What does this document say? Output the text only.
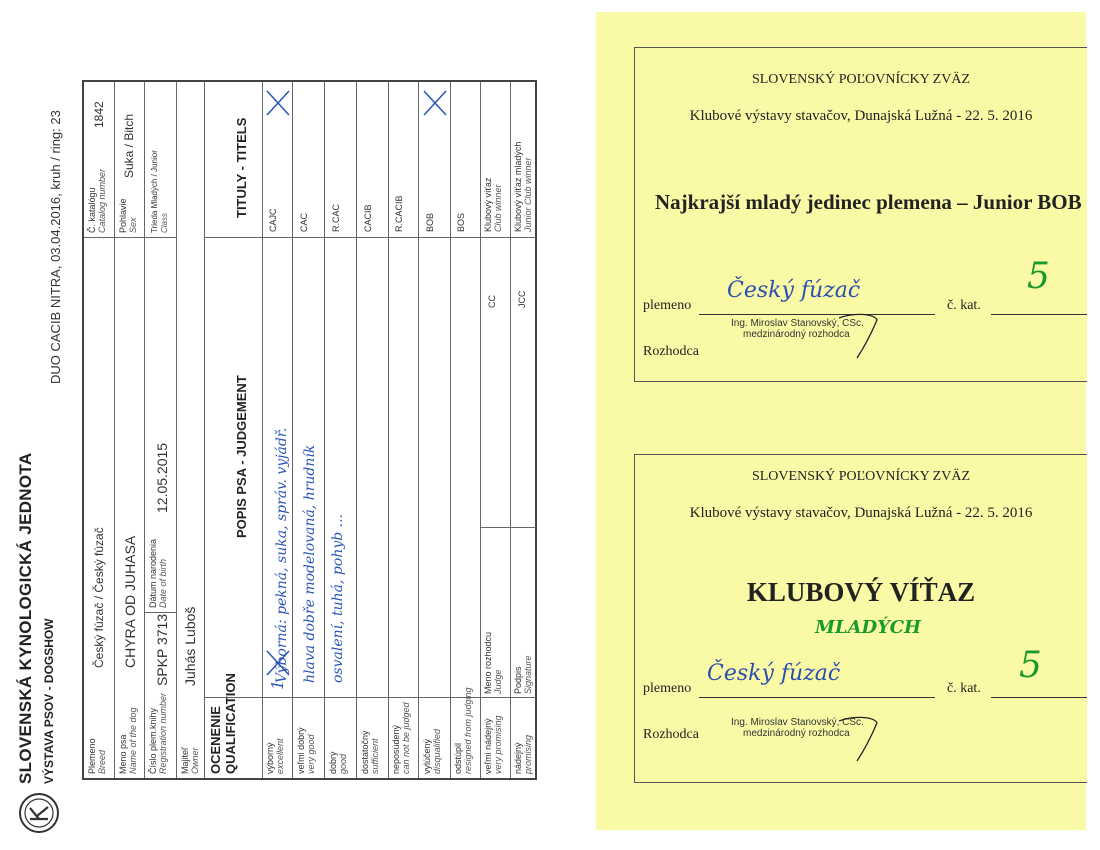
SLOVENSKÁ KYNOLOGICKÁ JEDNOTA VÝSTAVA PSOV - DOGSHOW
DUO CACIB NITRA, 03.04.2016, kruh / ring: 23
Plemeno Breed
Český fúzač / Český fúzač
Meno psa Name of the dog
CHYRA OD JUHASA
Číslo plem.knihy Registration number
SPKP 3713
Dátum narodenia Date of birth
12.05.2015
Majiteľ Owner
Juhás Luboš
Č. katalógu Catalog number
1842
Pohlavie Sex
Suka / Bitch
Trieda Mladých / Junior
Class
OCENENIE QUALIFICATION
POPIS PSA - JUDGEMENT
TITULY - TITELS
výborný excellent veľmi dobrý very good dobrý good dostatočný sufficient neposúdený can not be judged vylúčený disqualified odstúpil resigned from judging
1
veľmi nádejný very promising nádejný promising
Výborná: pekná, suka, správ. vyjádř. hlava dobře modelovaná, hrudník osvalení, tuhá, pohyb ...	Meno rozhodcu Judge Podpis Signature
CC JCC
CAJC CAC R.CAC CACIB R.CACIB BOB BOS Klubový víťaz Club winner Klubový víťaz mladých Junior Club winner
SLOVENSKÝ POĽOVNÍCKY ZVÄZ
Klubové výstavy stavačov, Dunajská Lužná - 22. 5. 2016
Najkrajší mladý jedinec plemena – Junior BOB
plemeno
Český fúzač
č. kat.
5
Rozhodca
Ing. Miroslav Stanovský, CSc.
medzinárodný rozhodca
SLOVENSKÝ POĽOVNÍCKY ZVÄZ
Klubové výstavy stavačov, Dunajská Lužná - 22. 5. 2016
KLUBOVÝ VÍŤAZ
MLADÝCH
plemeno
Český fúzač
č. kat.
5
Rozhodca
Ing. Miroslav Stanovský, CSc.
medzinárodný rozhodca
